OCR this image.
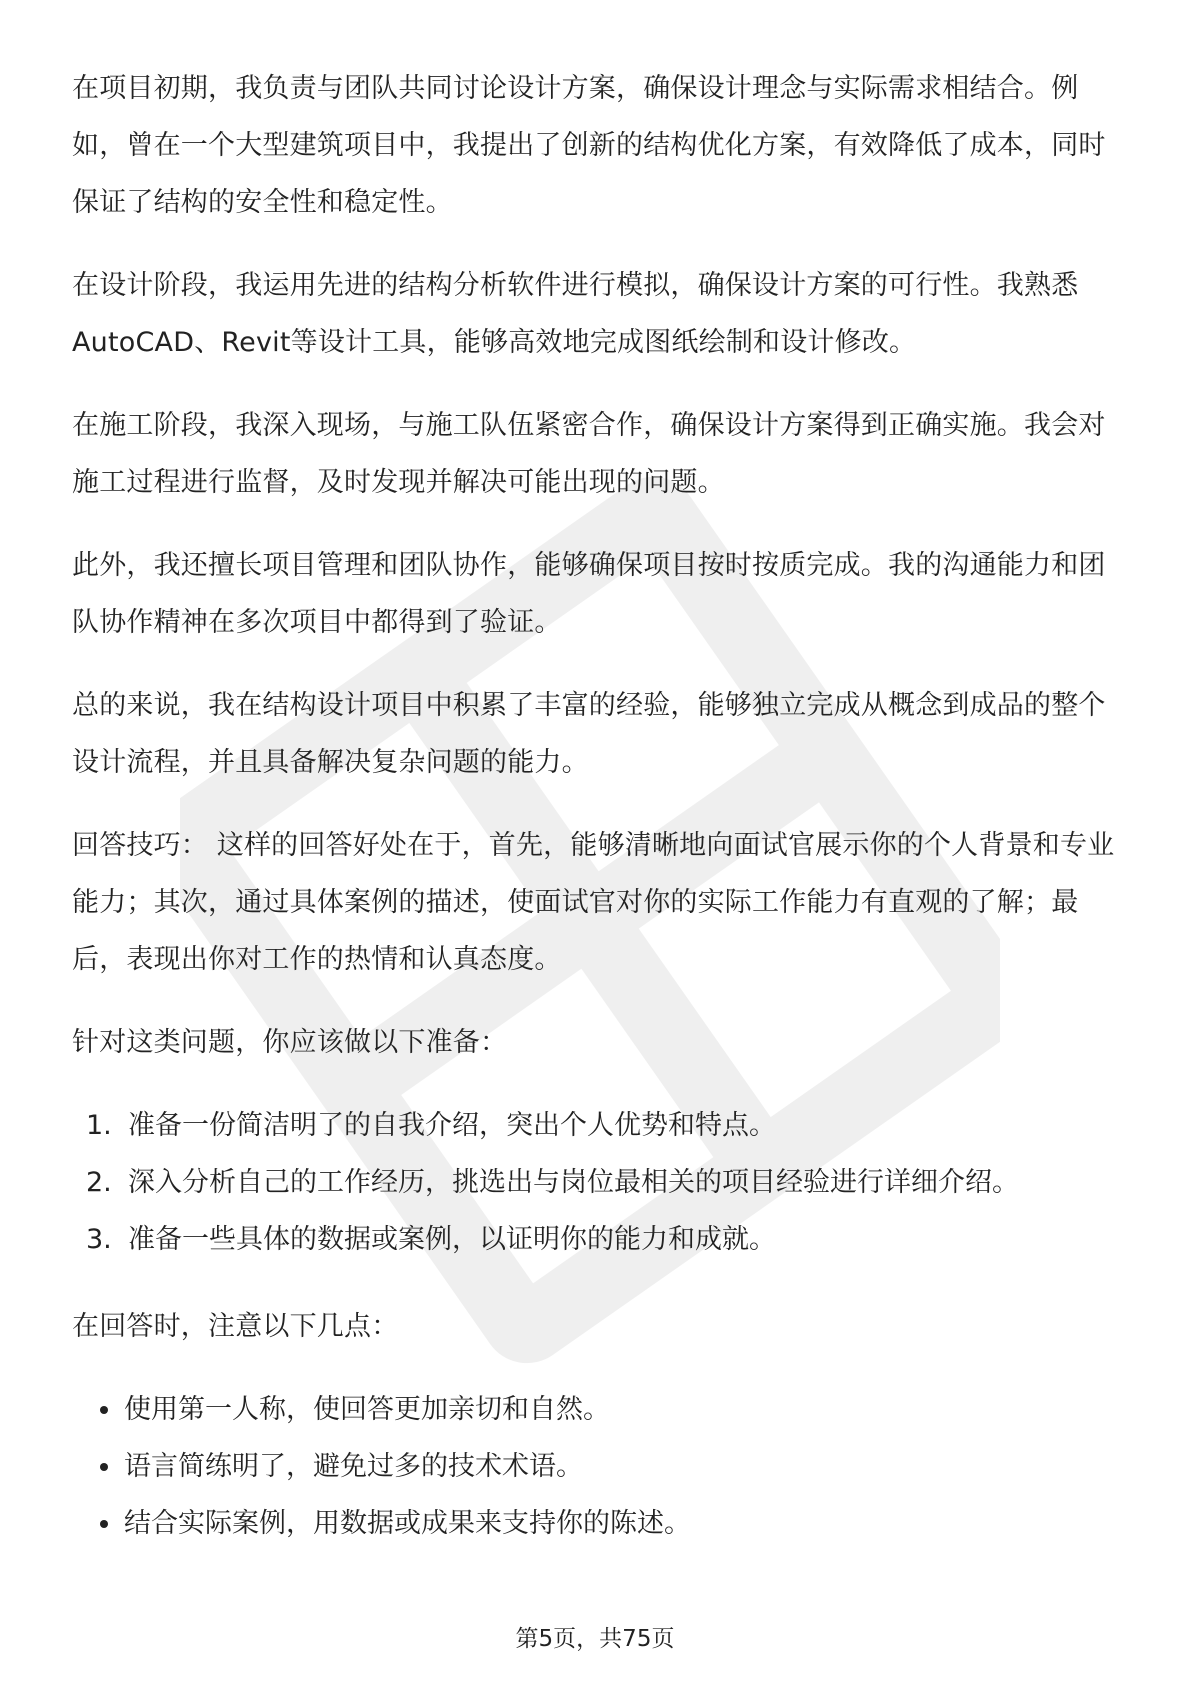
在项目初期，我负责与团队共同讨论设计方案，确保设计理念与实际需求相结合。例如，曾在一个大型建筑项目中，我提出了创新的结构优化方案，有效降低了成本，同时保证了结构的安全性和稳定性。

在设计阶段，我运用先进的结构分析软件进行模拟，确保设计方案的可行性。我熟悉AutoCAD、Revit等设计工具，能够高效地完成图纸绘制和设计修改。

在施工阶段，我深入现场，与施工队伍紧密合作，确保设计方案得到正确实施。我会对施工过程进行监督，及时发现并解决可能出现的问题。

此外，我还擅长项目管理和团队协作，能够确保项目按时按质完成。我的沟通能力和团队协作精神在多次项目中都得到了验证。

总的来说，我在结构设计项目中积累了丰富的经验，能够独立完成从概念到成品的整个设计流程，并且具备解决复杂问题的能力。

回答技巧： 这样的回答好处在于，首先，能够清晰地向面试官展示你的个人背景和专业能力；其次，通过具体案例的描述，使面试官对你的实际工作能力有直观的了解；最后，表现出你对工作的热情和认真态度。

针对这类问题，你应该做以下准备：

1. 准备一份简洁明了的自我介绍，突出个人优势和特点。
2. 深入分析自己的工作经历，挑选出与岗位最相关的项目经验进行详细介绍。
3. 准备一些具体的数据或案例，以证明你的能力和成就。

在回答时，注意以下几点：

使用第一人称，使回答更加亲切和自然。
语言简练明了，避免过多的技术术语。
结合实际案例，用数据或成果来支持你的陈述。
第5页，共75页
